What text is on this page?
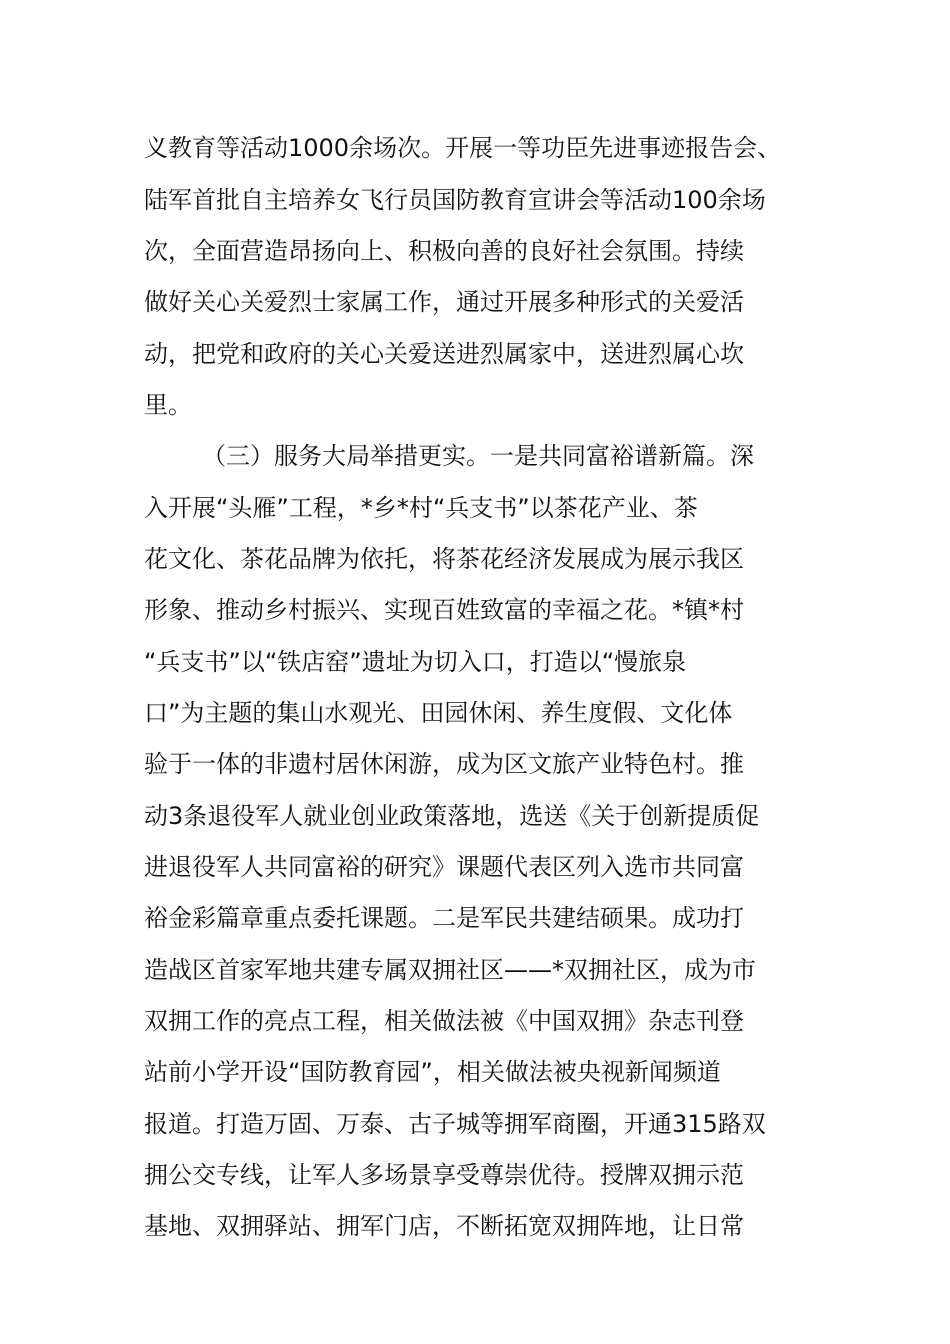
义教育等活动1000余场次。开展一等功臣先进事迹报告会、
陆军首批自主培养女飞行员国防教育宣讲会等活动100余场
次，全面营造昂扬向上、积极向善的良好社会氛围。持续
做好关心关爱烈士家属工作，通过开展多种形式的关爱活
动，把党和政府的关心关爱送进烈属家中，送进烈属心坎
里。
（三）服务大局举措更实。一是共同富裕谱新篇。深
入开展“头雁”工程，*乡*村“兵支书”以茶花产业、茶
花文化、茶花品牌为依托，将茶花经济发展成为展示我区
形象、推动乡村振兴、实现百姓致富的幸福之花。*镇*村
“兵支书”以“铁店窑”遗址为切入口，打造以“慢旅泉
口”为主题的集山水观光、田园休闲、养生度假、文化体
验于一体的非遗村居休闲游，成为区文旅产业特色村。推
动3条退役军人就业创业政策落地，选送《关于创新提质促
进退役军人共同富裕的研究》课题代表区列入选市共同富
裕金彩篇章重点委托课题。二是军民共建结硕果。成功打
造战区首家军地共建专属双拥社区——*双拥社区，成为市
双拥工作的亮点工程，相关做法被《中国双拥》杂志刊登
站前小学开设“国防教育园”，相关做法被央视新闻频道
报道。打造万固、万泰、古子城等拥军商圈，开通315路双
拥公交专线，让军人多场景享受尊崇优待。授牌双拥示范
基地、双拥驿站、拥军门店，不断拓宽双拥阵地，让日常
